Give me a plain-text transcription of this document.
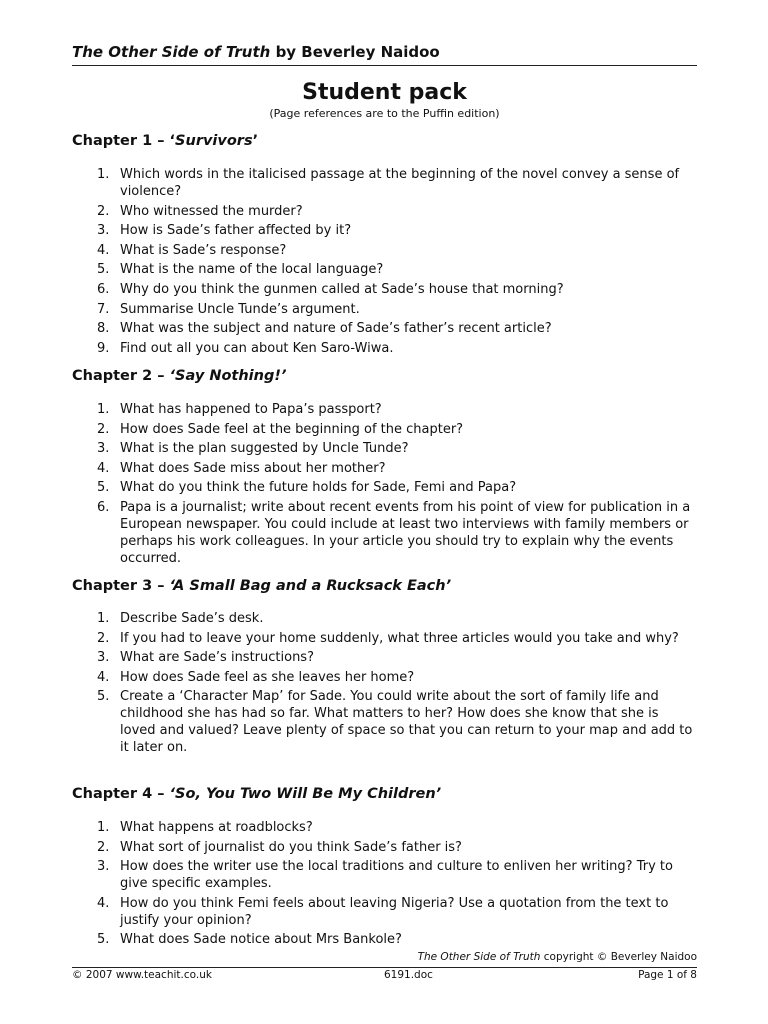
The Other Side of Truth by Beverley Naidoo
Student pack
(Page references are to the Puffin edition)
Chapter 1 – ‘Survivors’
1. Which words in the italicised passage at the beginning of the novel convey a sense of violence?
2. Who witnessed the murder?
3. How is Sade’s father affected by it?
4. What is Sade’s response?
5. What is the name of the local language?
6. Why do you think the gunmen called at Sade’s house that morning?
7. Summarise Uncle Tunde’s argument.
8. What was the subject and nature of Sade’s father’s recent article?
9. Find out all you can about Ken Saro-Wiwa.
Chapter 2 – ‘Say Nothing!’
1. What has happened to Papa’s passport?
2. How does Sade feel at the beginning of the chapter?
3. What is the plan suggested by Uncle Tunde?
4. What does Sade miss about her mother?
5. What do you think the future holds for Sade, Femi and Papa?
6. Papa is a journalist; write about recent events from his point of view for publication in a European newspaper. You could include at least two interviews with family members or perhaps his work colleagues. In your article you should try to explain why the events occurred.
Chapter 3 – ‘A Small Bag and a Rucksack Each’
1. Describe Sade’s desk.
2. If you had to leave your home suddenly, what three articles would you take and why?
3. What are Sade’s instructions?
4. How does Sade feel as she leaves her home?
5. Create a ‘Character Map’ for Sade. You could write about the sort of family life and childhood she has had so far. What matters to her? How does she know that she is loved and valued? Leave plenty of space so that you can return to your map and add to it later on.
Chapter 4 – ‘So, You Two Will Be My Children’
1. What happens at roadblocks?
2. What sort of journalist do you think Sade’s father is?
3. How does the writer use the local traditions and culture to enliven her writing? Try to give specific examples.
4. How do you think Femi feels about leaving Nigeria? Use a quotation from the text to justify your opinion?
5. What does Sade notice about Mrs Bankole?
The Other Side of Truth copyright © Beverley Naidoo
© 2007 www.teachit.co.uk	6191.doc	Page 1 of 8
